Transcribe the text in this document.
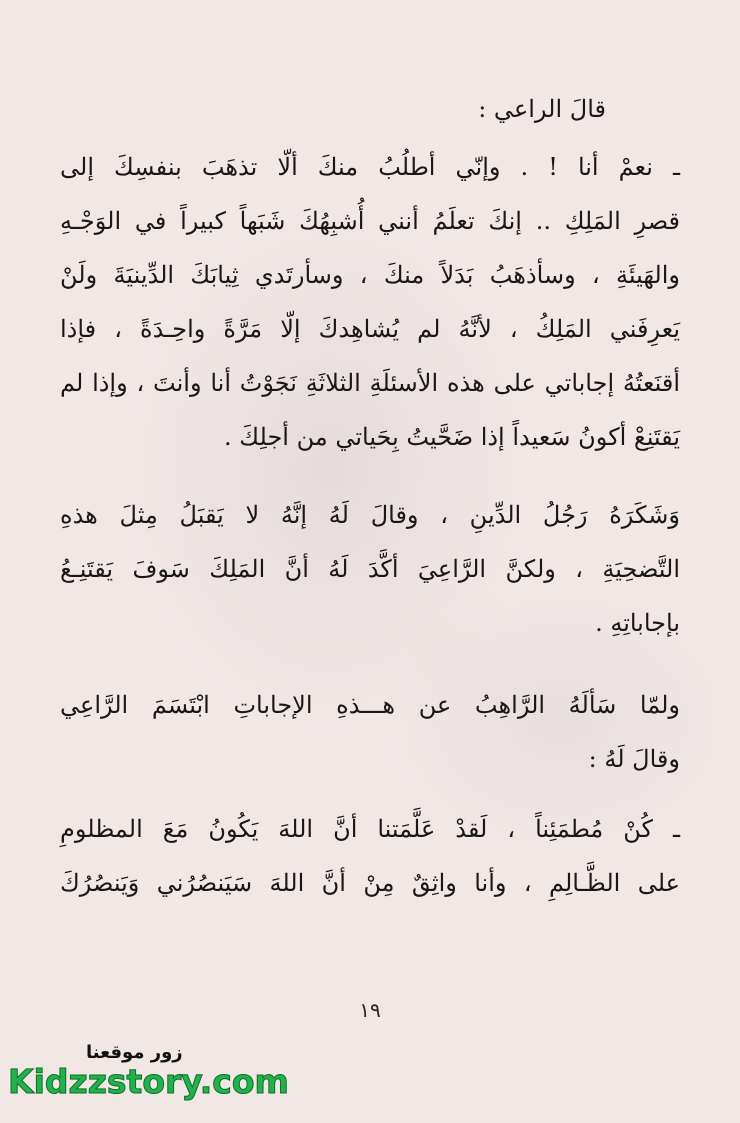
قالَ الراعي :
ـ نعمْ أنا ! . وإنّي أطلُبُ منكَ ألّا تذهَبَ بنفسِكَ إلى
قصرِ المَلِكِ .. إنكَ تعلَمُ أنني أُشبِهُكَ شَبَهاً كبيراً في الوَجْـهِ
والهَيئَةِ ، وسأذهَبُ بَدَلاً منكَ ، وسأرتَدي ثِيابَكَ الدِّينيَةَ ولَنْ
يَعرِفَني المَلِكُ ، لأنَّهُ لم يُشاهِدكَ إلّا مَرَّةً واحِـدَةً ، فإذا
أقنَعتُهُ إجاباتي على هذه الأسئلَةِ الثلاثَةِ نَجَوْتُ أنا وأنتَ ، وإذا لم
يَقتَنِعْ أكونُ سَعيداً إذا ضَحَّيتُ بِحَياتي من أجلِكَ .
وَشَكَرَهُ رَجُلُ الدِّينِ ، وقالَ لَهُ إنَّهُ لا يَقبَلُ مِثلَ هذهِ
التَّضحِيَةِ ، ولكنَّ الرَّاعِيَ أكَّدَ لَهُ أنَّ المَلِكَ سَوفَ يَقتَنِـعُ
بإجاباتِهِ .
ولمّا سَألَهُ الرَّاهِبُ عن هـــذهِ الإجاباتِ ابْتَسَمَ الرَّاعِي
وقالَ لَهُ :
ـ كُنْ مُطمَئِناً ، لَقدْ عَلَّمَتنا أنَّ اللهَ يَكُونُ مَعَ المظلومِ
على الظَّـالِمِ ، وأنا واثِقٌ مِنْ أنَّ اللهَ سَيَنصُرُني وَيَنصُرُكَ
١٩
زور موقعنا
Kidzzstory.com
